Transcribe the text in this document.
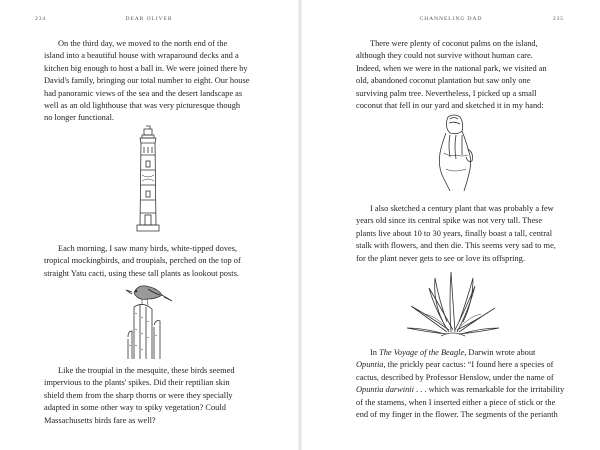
234	DEAR OLIVER

On the third day, we moved to the north end of the
island into a beautiful house with wraparound decks and a
kitchen big enough to host a ball in. We were joined there by
David's family, bringing our total number to eight. Our house
had panoramic views of the sea and the desert landscape as
well as an old lighthouse that was very picturesque though
no longer functional.

Each morning, I saw many birds, white-tipped doves,
tropical mockingbirds, and troupials, perched on the top of
straight Yatu cacti, using these tall plants as lookout posts.

Like the troupial in the mesquite, these birds seemed
impervious to the plants' spikes. Did their reptilian skin
shield them from the sharp thorns or were they specially
adapted in some other way to spiky vegetation? Could
Massachusetts birds fare as well?

CHANNELING DAD	235

There were plenty of coconut palms on the island,
although they could not survive without human care.
Indeed, when we were in the national park, we visited an
old, abandoned coconut plantation but saw only one
surviving palm tree. Nevertheless, I picked up a small
coconut that fell in our yard and sketched it in my hand:

I also sketched a century plant that was probably a few
years old since its central spike was not very tall. These
plants live about 10 to 30 years, finally boast a tall, central
stalk with flowers, and then die. This seems very sad to me,
for the plant never gets to see or love its offspring.

In The Voyage of the Beagle, Darwin wrote about
Opuntia, the prickly pear cactus: “I found here a species of
cactus, described by Professor Henslow, under the name of
Opuntia darwinii . . . which was remarkable for the irritability
of the stamens, when I inserted either a piece of stick or the
end of my finger in the flower. The segments of the perianth
